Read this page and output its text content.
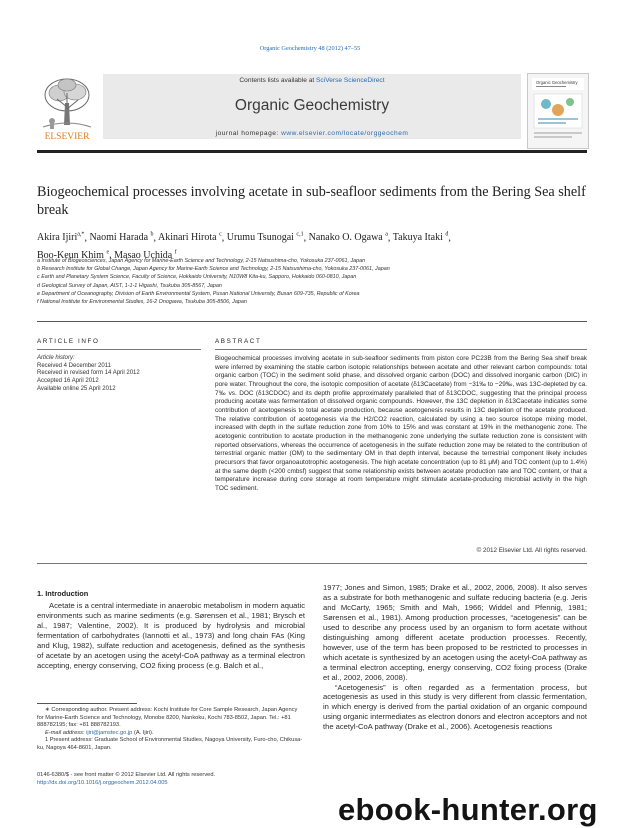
Organic Geochemistry 48 (2012) 47–55
Contents lists available at SciVerse ScienceDirect
Organic Geochemistry
journal homepage: www.elsevier.com/locate/orggeochem
ELSEVIER
Organic Geochemistry
Biogeochemical processes involving acetate in sub-seafloor sediments from the Bering Sea shelf break
Akira Ijiri$^{a,*}$, Naomi Harada $^b$, Akinari Hirota $^c$, Urumu Tsunogai $^{c,1}$, Nanako O. Ogawa $^a$, Takuya Itaki $^d$,
Boo-Keun Khim $^e$, Masao Uchida $^f$
a Institute of Biogeosciences, Japan Agency for Marine-Earth Science and Technology, 2-15 Natsushima-cho, Yokosuka 237-0061, Japan
b Research Institute for Global Change, Japan Agency for Marine-Earth Science and Technology, 2-15 Natsushima-cho, Yokosuka 237-0061, Japan
c Earth and Planetary System Science, Faculty of Science, Hokkaido University, N10W8 Kita-ku, Sapporo, Hokkaido 060-0810, Japan
d Geological Survey of Japan, AIST, 1-1-1 Higashi, Tsukuba 305-8567, Japan
e Department of Oceanography, Division of Earth Environmental System, Pusan National University, Busan 609-735, Republic of Korea
f National Institute for Environmental Studies, 16-2 Onogawa, Tsukuba 305-8506, Japan
ARTICLE INFO	ABSTRACT
Article history:
Received 4 December 2011
Received in revised form 14 April 2012
Accepted 16 April 2012
Available online 25 April 2012
Biogeochemical processes involving acetate in sub-seafloor sediments from piston core PC23B from the Bering Sea shelf break were inferred by examining the stable carbon isotopic relationships between acetate and other relevant carbon compounds: total organic carbon (TOC) in the sediment solid phase, and dissolved organic carbon (DOC) and dissolved inorganic carbon (DIC) in pore water. Throughout the core, the isotopic composition of acetate (δ13Cacetate) from −31‰ to −29‰, was 13C-depleted by ca. 7‰ vs. DOC (δ13CDOC) and its depth profile approximately paralleled that of δ13CDOC, suggesting that the principal process producing acetate was fermentation of dissolved organic compounds. However, the 13C depletion in δ13Cacetate indicates some contribution of acetogenesis to total acetate production, because acetogenesis results in 13C depletion of the acetate produced. The relative contribution of acetogenesis via the H2/CO2 reaction, calculated by using a two source isotope mixing model, increased with depth in the sulfate reduction zone from 10% to 15% and was constant at 19% in the methanogenic zone. The acetogenic contribution to acetate production in the methanogenic zone underlying the sulfate reduction zone is consistent with reported observations, whereas the occurrence of acetogenesis in the sulfate reduction zone may be related to the contribution of terrestrial organic matter (OM) to the sedimentary OM in that depth interval, because the terrestrial component likely includes precursors that favor organoautotrophic acetogenesis. The high acetate concentration (up to 81 μM) and TOC content (up to 1.4%) at the same depth (<200 cmbsf) suggest that some relationship exists between acetate production rate and TOC content, or that a temperature increase during core storage at room temperature might stimulate acetate-producing microbial activity in the high TOC sediment.
© 2012 Elsevier Ltd. All rights reserved.
1. Introduction

Acetate is a central intermediate in anaerobic metabolism in modern aquatic environments such as marine sediments (e.g. Sørensen et al., 1981; Brysch et al., 1987; Valentine, 2002). It is produced by hydrolysis and microbial fermentation of carbohydrates (Iannotti et al., 1973) and long chain FAs (King and Klug, 1982), sulfate reduction and acetogenesis, defined as the synthesis of acetate by an acetogen using the acetyl-CoA pathway as a terminal electron accepting, energy conserving, CO2 fixing process (e.g. Balch et al.,

1977; Jones and Simon, 1985; Drake et al., 2002, 2006, 2008). It also serves as a substrate for both methanogenic and sulfate reducing bacteria (e.g. Jeris and McCarty, 1965; Smith and Mah, 1966; Widdel and Pfennig, 1981; Sørensen et al., 1981). Among production processes, “acetogenesis” can be used to describe any process used by an organism to form acetate without distinguishing among different acetate production processes. Recently, however, use of the term has been proposed to be restricted to processes in which acetate is synthesized by an acetogen using the acetyl-CoA pathway as a terminal electron accepting, energy conserving, CO2 fixing process (Drake et al., 2002, 2006, 2008).

“Acetogenesis” is often regarded as a fermentation process, but acetogenesis as used in this study is very different from classic fermentation, in which energy is derived from the partial oxidation of an organic compound using organic intermediates as electron donors and electron acceptors and not the acetyl-CoA pathway (Drake et al., 2006). Acetogenesis reactions

∗ Corresponding author. Present address: Kochi Institute for Core Sample Research, Japan Agency for Marine-Earth Science and Technology, Monobe 8200, Nankoku, Kochi 783-8502, Japan. Tel.: +81 888782195; fax: +81 888782193.
E-mail address: ijiri@jamstec.go.jp (A. Ijiri).
1 Present address: Graduate School of Environmental Studies, Nagoya University, Furo-cho, Chikusa-ku, Nagoya 464-8601, Japan.
0146-6380/$ - see front matter © 2012 Elsevier Ltd. All rights reserved.
http://dx.doi.org/10.1016/j.orggeochem.2012.04.005
ebook-hunter.org
